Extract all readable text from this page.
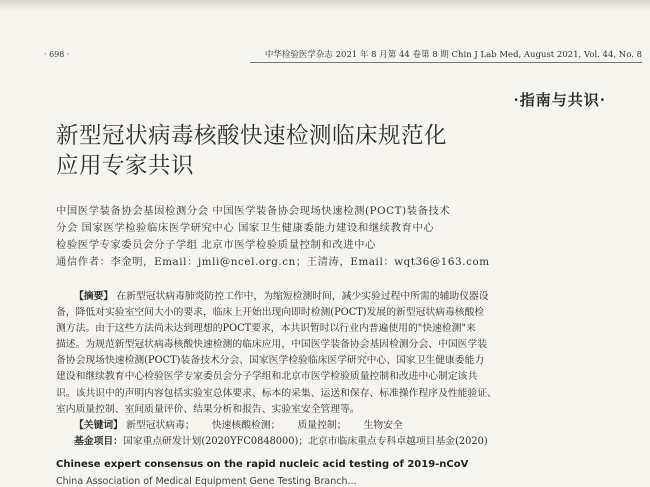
· 698 ·	中华检验医学杂志 2021 年 8 月第 44 卷第 8 期 Chin J Lab Med, August 2021, Vol. 44, No. 8
·指南与共识·
新型冠状病毒核酸快速检测临床规范化
应用专家共识
中国医学装备协会基因检测分会 中国医学装备协会现场快速检测(POCT)装备技术
分会 国家医学检验临床医学研究中心 国家卫生健康委能力建设和继续教育中心
检验医学专家委员会分子学组 北京市医学检验质量控制和改进中心
通信作者：李金明，Email：jmli@ncel.org.cn；王清涛，Email：wqt36@163.com
【摘要】 在新型冠状病毒肺炎防控工作中，为缩短检测时间，减少实验过程中所需的辅助仪器设
备，降低对实验室空间大小的要求，临床上开始出现向即时检测(POCT)发展的新型冠状病毒核酸检
测方法。由于这些方法尚未达到理想的POCT要求，本共识暂时以行业内普遍使用的"快速检测"来
描述。为规范新型冠状病毒核酸快速检测的临床应用，中国医学装备协会基因检测分会、中国医学装
备协会现场快速检测(POCT)装备技术分会、国家医学检验临床医学研究中心、国家卫生健康委能力
建设和继续教育中心检验医学专家委员会分子学组和北京市医学检验质量控制和改进中心制定该共
识。该共识中的声明内容包括实验室总体要求、标本的采集、运送和保存、标准操作程序及性能验证、
室内质量控制、室间质量评价、结果分析和报告、实验室安全管理等。
【关键词】 新型冠状病毒； 快速核酸检测； 质量控制； 生物安全
基金项目：国家重点研发计划(2020YFC0848000)；北京市临床重点专科卓越项目基金(2020)
Chinese expert consensus on the rapid nucleic acid testing of 2019-nCoV
China Association of Medical Equipment Gene Testing Branch...
